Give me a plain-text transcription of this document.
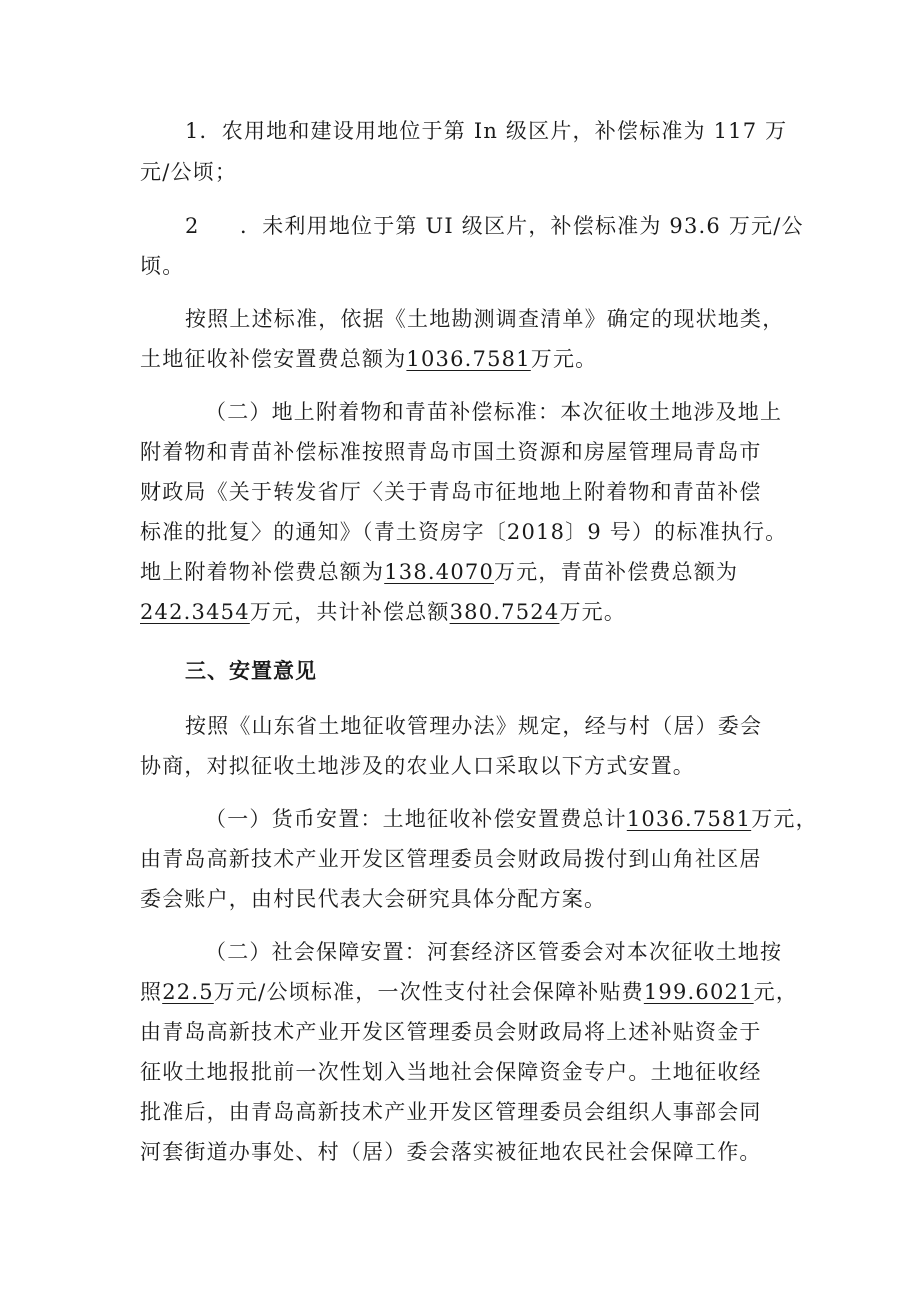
1．农用地和建设用地位于第 In 级区片，补偿标准为 117 万
元/公顷；
2 ．未利用地位于第 UI 级区片，补偿标准为 93.6 万元/公
顷。
按照上述标准，依据《土地勘测调查清单》确定的现状地类，
土地征收补偿安置费总额为1036.7581万元。
（二）地上附着物和青苗补偿标准：本次征收土地涉及地上
附着物和青苗补偿标准按照青岛市国土资源和房屋管理局青岛市
财政局《关于转发省厅〈关于青岛市征地地上附着物和青苗补偿
标准的批复〉的通知》（青土资房字〔2018〕9 号）的标准执行。
地上附着物补偿费总额为138.4070万元，青苗补偿费总额为
242.3454万元，共计补偿总额380.7524万元。
三、安置意见
按照《山东省土地征收管理办法》规定，经与村（居）委会
协商，对拟征收土地涉及的农业人口采取以下方式安置。
（一）货币安置：土地征收补偿安置费总计1036.7581万元，
由青岛高新技术产业开发区管理委员会财政局拨付到山角社区居
委会账户，由村民代表大会研究具体分配方案。
（二）社会保障安置：河套经济区管委会对本次征收土地按
照22.5万元/公顷标准，一次性支付社会保障补贴费199.6021元，
由青岛高新技术产业开发区管理委员会财政局将上述补贴资金于
征收土地报批前一次性划入当地社会保障资金专户。土地征收经
批准后，由青岛高新技术产业开发区管理委员会组织人事部会同
河套街道办事处、村（居）委会落实被征地农民社会保障工作。
